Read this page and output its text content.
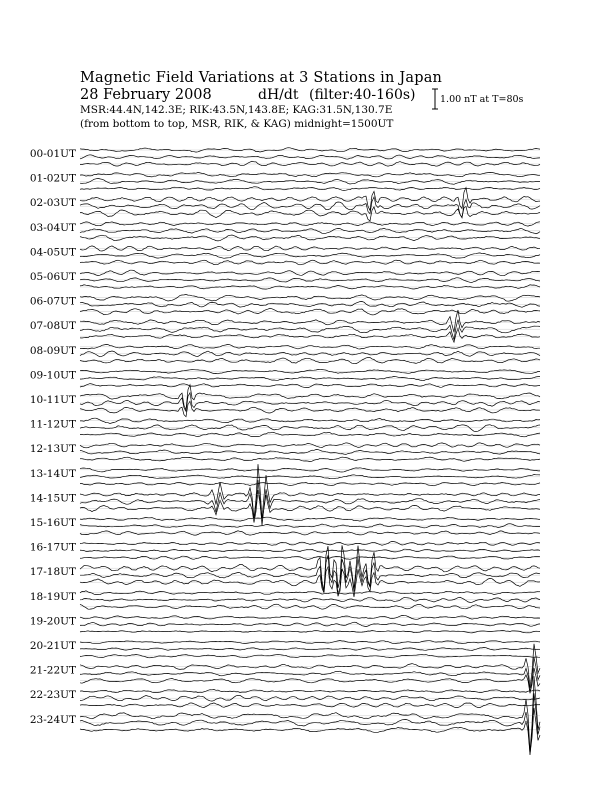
00-01UT
01-02UT
02-03UT
03-04UT
04-05UT
05-06UT
06-07UT
07-08UT
08-09UT
09-10UT
10-11UT
11-12UT
12-13UT
13-14UT
14-15UT
15-16UT
16-17UT
17-18UT
18-19UT
19-20UT
20-21UT
21-22UT
22-23UT
23-24UT
Magnetic Field Variations at 3 Stations in Japan
28 February 2008	dH/dt (filter:40-160s)
MSR:44.4N,142.3E; RIK:43.5N,143.8E; KAG:31.5N,130.7E
(from bottom to top, MSR, RIK, & KAG) midnight=1500UT
1.00 nT at T=80s
